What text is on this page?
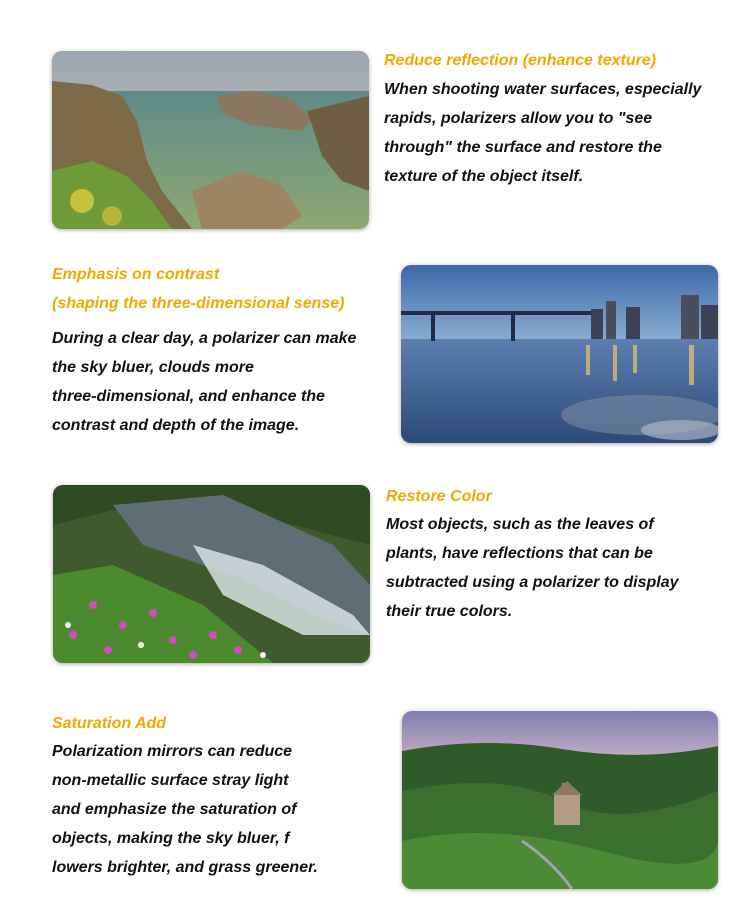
Reduce reflection (enhance texture)

When shooting water surfaces, especially

rapids, polarizers allow you to "see

through" the surface and restore the

texture of the object itself.

Emphasis on contrast

(shaping the three-dimensional sense)

During a clear day, a polarizer can make

the sky bluer, clouds more

three-dimensional, and enhance the

contrast and depth of the image.

Restore Color

Most objects, such as the leaves of

plants, have reflections that can be

subtracted using a polarizer to display

their true colors.

Saturation Add

Polarization mirrors can reduce

non-metallic surface stray light

and emphasize the saturation of

objects, making the sky bluer, f

lowers brighter, and grass greener.
